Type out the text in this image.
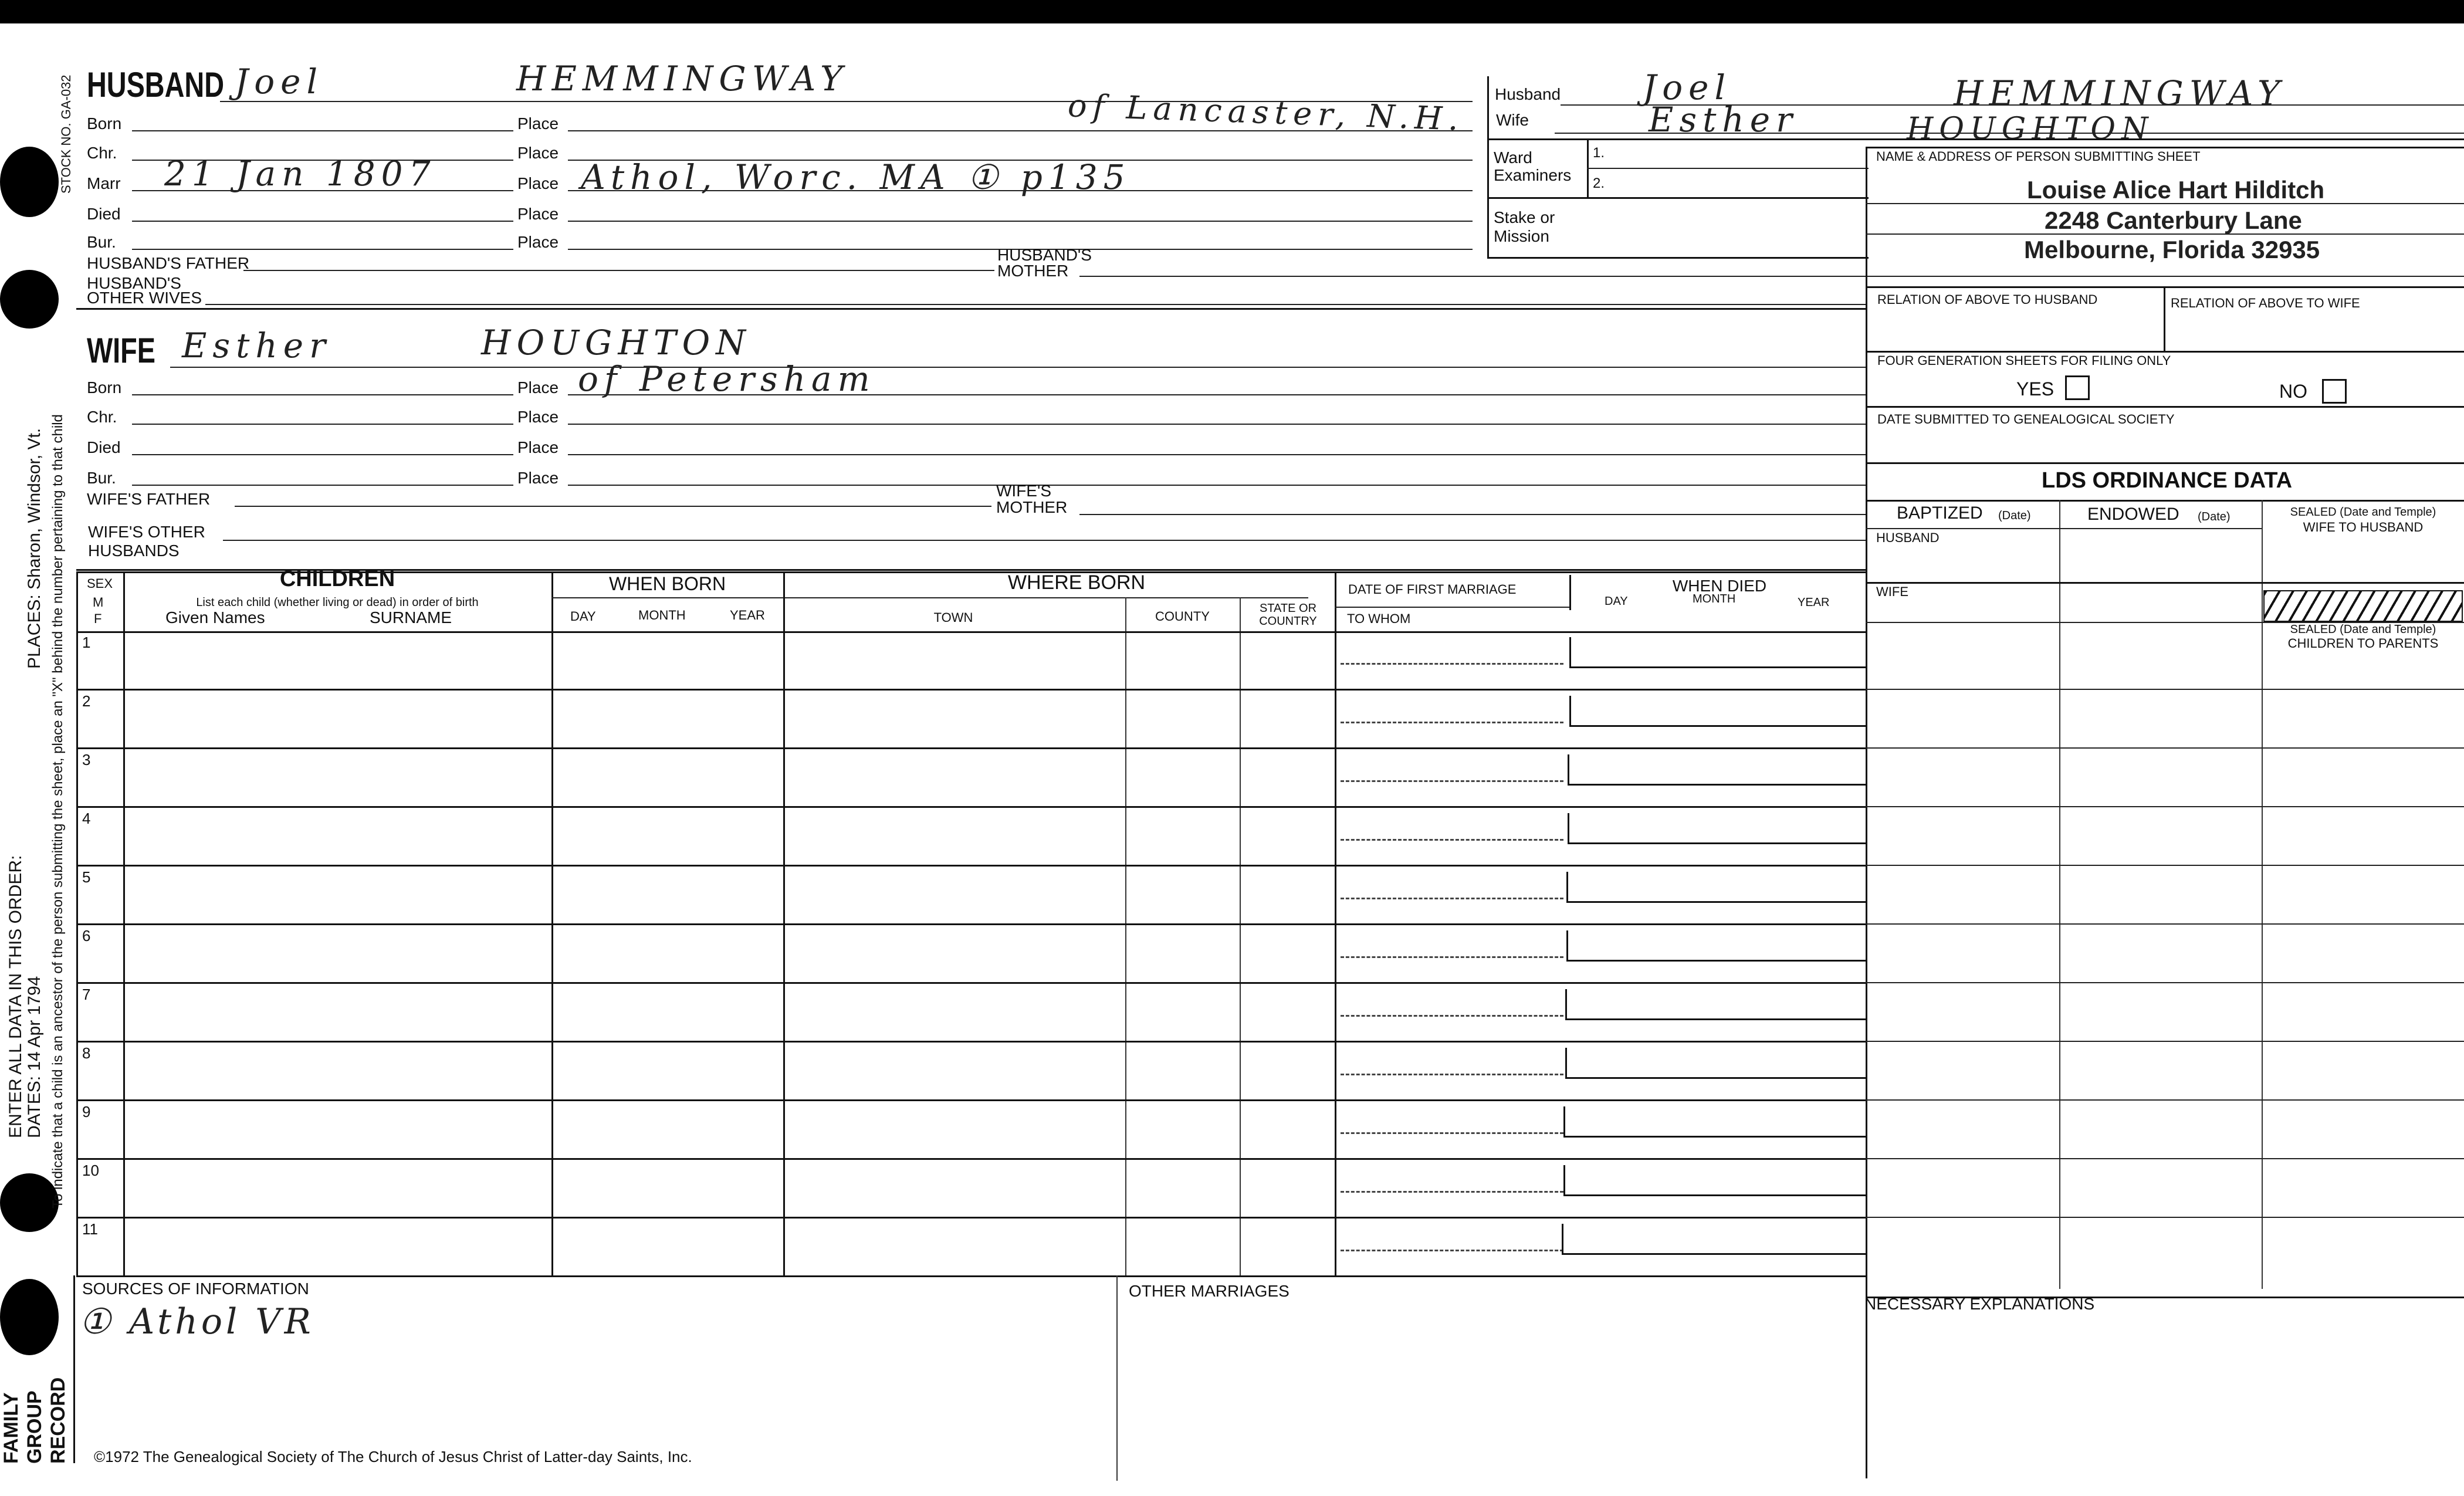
STOCK NO. GA-032
To indicate that a child is an ancestor of the person submitting the sheet, place an "X" behind the number pertaining to that child
PLACES: Sharon, Windsor, Vt.
ENTER ALL DATA IN THIS ORDER: DATES: 14 Apr 1794
FAMILY GROUP RECORD
HUSBAND Joel	HEMMINGWAY
Born	Place	of Lancaster, N.H.
Chr.	Place
Marr 21 Jan 1807	Place Athol, Worc. MA ① p135
Died	Place
Bur.	Place
HUSBAND'S FATHER	HUSBAND'S
MOTHER
HUSBAND'S
OTHER WIVES
Husband Joel	HEMMINGWAY
Wife	Esther	HOUGHTON
Ward
Examiners
1.
2.
Stake or
Mission
WIFE Esther	HOUGHTON
Born	Place of Petersham
Chr.	Place
Died	Place
Bur.	Place
WIFE'S FATHER	WIFE'S
MOTHER
WIFE'S OTHER
HUSBANDS
NAME & ADDRESS OF PERSON SUBMITTING SHEET
Louise Alice Hart Hilditch
2248 Canterbury Lane
Melbourne, Florida 32935
RELATION OF ABOVE TO HUSBAND	RELATION OF ABOVE TO WIFE
FOUR GENERATION SHEETS FOR FILING ONLY
YES	NO
DATE SUBMITTED TO GENEALOGICAL SOCIETY
LDS ORDINANCE DATA
BAPTIZED (Date)	ENDOWED (Date)	SEALED (Date and Temple)
WIFE TO HUSBAND
HUSBAND
WIFE
SEALED (Date and Temple)
CHILDREN TO PARENTS
SEX
M
F
CHILDREN
List each child (whether living or dead) in order of birth
Given Names	SURNAME
WHEN BORN
DAY	MONTH	YEAR
WHERE BORN
TOWN	COUNTY
STATE OR
COUNTRY
DATE OF FIRST MARRIAGE
TO WHOM
WHEN DIED
DAY	MONTH	YEAR
1
2
3
4
5
6
7
8
9
10
11
SOURCES OF INFORMATION
① Athol VR
OTHER MARRIAGES
NECESSARY EXPLANATIONS
©1972 The Genealogical Society of The Church of Jesus Christ of Latter-day Saints, Inc.
